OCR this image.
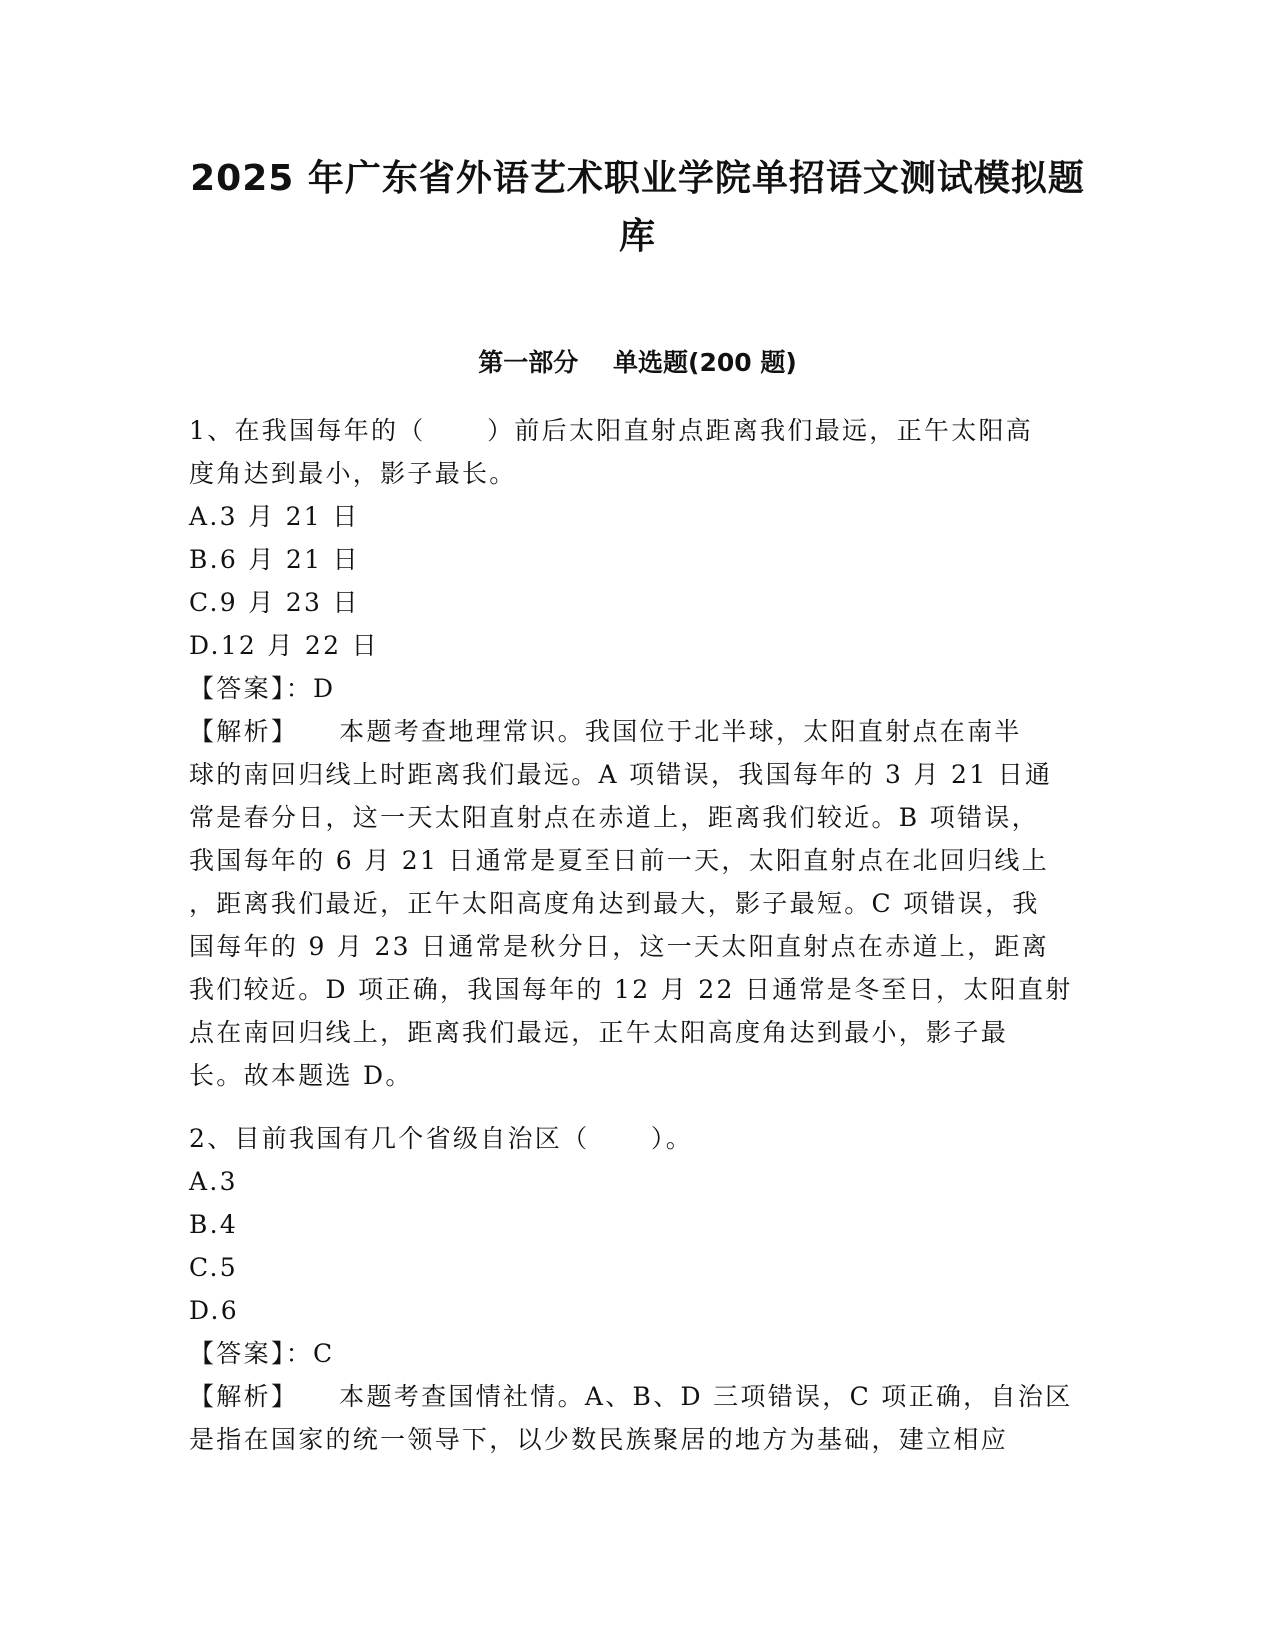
2025 年广东省外语艺术职业学院单招语文测试模拟题
库
第一部分    单选题(200 题)

1、在我国每年的（      ）前后太阳直射点距离我们最远，正午太阳高

度角达到最小，影子最长。

A.3 月 21 日

B.6 月 21 日

C.9 月 23 日

D.12 月 22 日

【答案】：D

【解析】    本题考查地理常识。我国位于北半球，太阳直射点在南半

球的南回归线上时距离我们最远。A 项错误，我国每年的 3 月 21 日通

常是春分日，这一天太阳直射点在赤道上，距离我们较近。B 项错误，

我国每年的 6 月 21 日通常是夏至日前一天，太阳直射点在北回归线上

，距离我们最近，正午太阳高度角达到最大，影子最短。C 项错误，我

国每年的 9 月 23 日通常是秋分日，这一天太阳直射点在赤道上，距离

我们较近。D 项正确，我国每年的 12 月 22 日通常是冬至日，太阳直射

点在南回归线上，距离我们最远，正午太阳高度角达到最小，影子最

长。故本题选 D。

2、目前我国有几个省级自治区（      ）。

A.3

B.4

C.5

D.6

【答案】：C

【解析】    本题考查国情社情。A、B、D 三项错误，C 项正确，自治区

是指在国家的统一领导下，以少数民族聚居的地方为基础，建立相应
